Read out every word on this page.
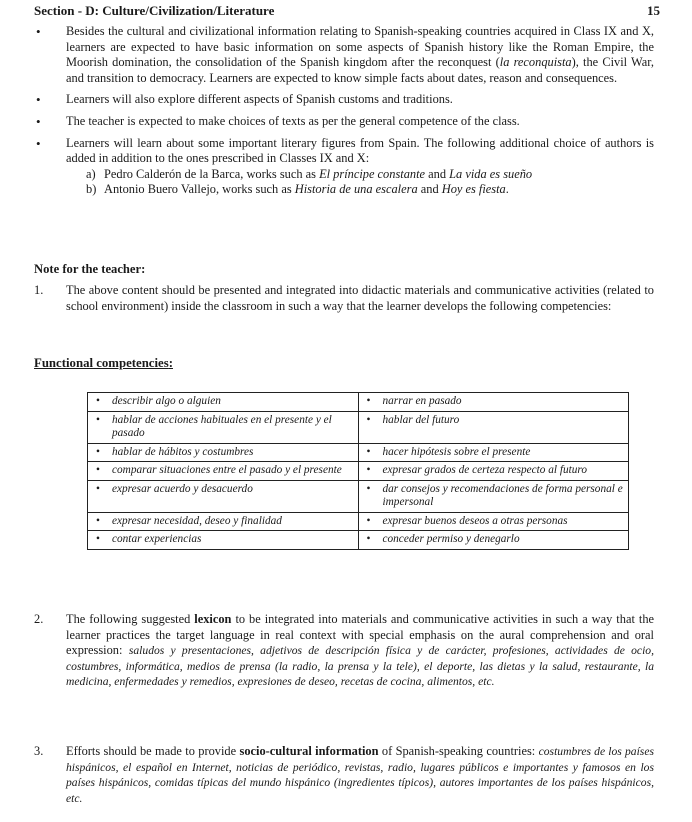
Section - D: Culture/Civilization/Literature	15
• Besides the cultural and civilizational information relating to Spanish-speaking countries acquired in Class IX and X, learners are expected to have basic information on some aspects of Spanish history like the Roman Empire, the Moorish domination, the consolidation of the Spanish kingdom after the reconquest (la reconquista), the Civil War, and transition to democracy. Learners are expected to know simple facts about dates, reason and consequences.
• Learners will also explore different aspects of Spanish customs and traditions.
• The teacher is expected to make choices of texts as per the general competence of the class.
• Learners will learn about some important literary figures from Spain. The following additional choice of authors is added in addition to the ones prescribed in Classes IX and X:
a) Pedro Calderón de la Barca, works such as El príncipe constante and La vida es sueño
b) Antonio Buero Vallejo, works such as Historia de una escalera and Hoy es fiesta.
Note for the teacher:
1. The above content should be presented and integrated into didactic materials and communicative activities (related to school environment) inside the classroom in such a way that the learner develops the following competencies:
Functional competencies:
• describir algo o alguien	• narrar en pasado
• hablar de acciones habituales en el presente y el pasado	• hablar del futuro
• hablar de hábitos y costumbres	• hacer hipótesis sobre el presente
• comparar situaciones entre el pasado y el presente	• expresar grados de certeza respecto al futuro
• expresar acuerdo y desacuerdo	• dar consejos y recomendaciones de forma personal e impersonal
• expresar necesidad, deseo y finalidad	• expresar buenos deseos a otras personas
• contar experiencias	• conceder permiso y denegarlo
2. The following suggested lexicon to be integrated into materials and communicative activities in such a way that the learner practices the target language in real context with special emphasis on the aural comprehension and oral expression: saludos y presentaciones, adjetivos de descripción física y de carácter, profesiones, actividades de ocio, costumbres, informática, medios de prensa (la radio, la prensa y la tele), el deporte, las dietas y la salud, restaurante, la medicina, enfermedades y remedios, expresiones de deseo, recetas de cocina, alimentos, etc.
3. Efforts should be made to provide socio-cultural information of Spanish-speaking countries: costumbres de los países hispánicos, el español en Internet, noticias de periódico, revistas, radio, lugares públicos e importantes y famosos en los países hispánicos, comidas típicas del mundo hispánico (ingredientes típicos), autores importantes de los países hispánicos, etc.
